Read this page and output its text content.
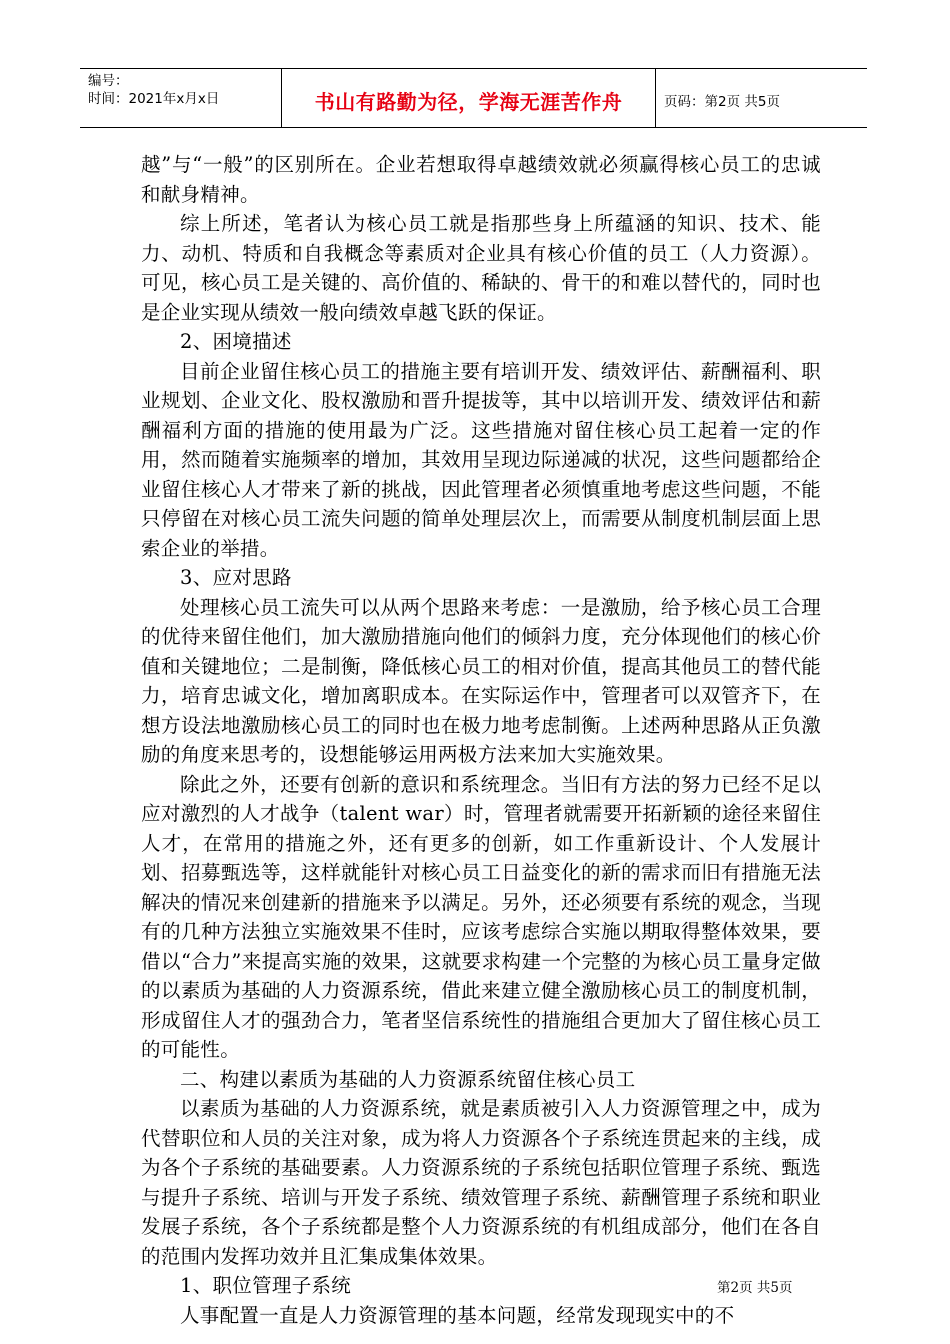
编号：
时间：2021年x月x日	书山有路勤为径，学海无涯苦作舟	页码：第2页 共5页

越”与“一般”的区别所在。企业若想取得卓越绩效就必须赢得核心员工的忠诚和献身精神。

综上所述，笔者认为核心员工就是指那些身上所蕴涵的知识、技术、能力、动机、特质和自我概念等素质对企业具有核心价值的员工（人力资源）。可见，核心员工是关键的、高价值的、稀缺的、骨干的和难以替代的，同时也是企业实现从绩效一般向绩效卓越飞跃的保证。

2、困境描述

目前企业留住核心员工的措施主要有培训开发、绩效评估、薪酬福利、职业规划、企业文化、股权激励和晋升提拔等，其中以培训开发、绩效评估和薪酬福利方面的措施的使用最为广泛。这些措施对留住核心员工起着一定的作用，然而随着实施频率的增加，其效用呈现边际递减的状况，这些问题都给企业留住核心人才带来了新的挑战，因此管理者必须慎重地考虑这些问题，不能只停留在对核心员工流失问题的简单处理层次上，而需要从制度机制层面上思索企业的举措。

3、应对思路

处理核心员工流失可以从两个思路来考虑：一是激励，给予核心员工合理的优待来留住他们，加大激励措施向他们的倾斜力度，充分体现他们的核心价值和关键地位；二是制衡，降低核心员工的相对价值，提高其他员工的替代能力，培育忠诚文化，增加离职成本。在实际运作中，管理者可以双管齐下，在想方设法地激励核心员工的同时也在极力地考虑制衡。上述两种思路从正负激励的角度来思考的，设想能够运用两极方法来加大实施效果。

除此之外，还要有创新的意识和系统理念。当旧有方法的努力已经不足以应对激烈的人才战争（talent war）时，管理者就需要开拓新颖的途径来留住人才，在常用的措施之外，还有更多的创新，如工作重新设计、个人发展计划、招募甄选等，这样就能针对核心员工日益变化的新的需求而旧有措施无法解决的情况来创建新的措施来予以满足。另外，还必须要有系统的观念，当现有的几种方法独立实施效果不佳时，应该考虑综合实施以期取得整体效果，要借以“合力”来提高实施的效果，这就要求构建一个完整的为核心员工量身定做的以素质为基础的人力资源系统，借此来建立健全激励核心员工的制度机制，形成留住人才的强劲合力，笔者坚信系统性的措施组合更加大了留住核心员工的可能性。

二、构建以素质为基础的人力资源系统留住核心员工

以素质为基础的人力资源系统，就是素质被引入人力资源管理之中，成为代替职位和人员的关注对象，成为将人力资源各个子系统连贯起来的主线，成为各个子系统的基础要素。人力资源系统的子系统包括职位管理子系统、甄选与提升子系统、培训与开发子系统、绩效管理子系统、薪酬管理子系统和职业发展子系统，各个子系统都是整个人力资源系统的有机组成部分，他们在各自的范围内发挥功效并且汇集成集体效果。

1、职位管理子系统

人事配置一直是人力资源管理的基本问题，经常发现现实中的不

第2页 共5页
